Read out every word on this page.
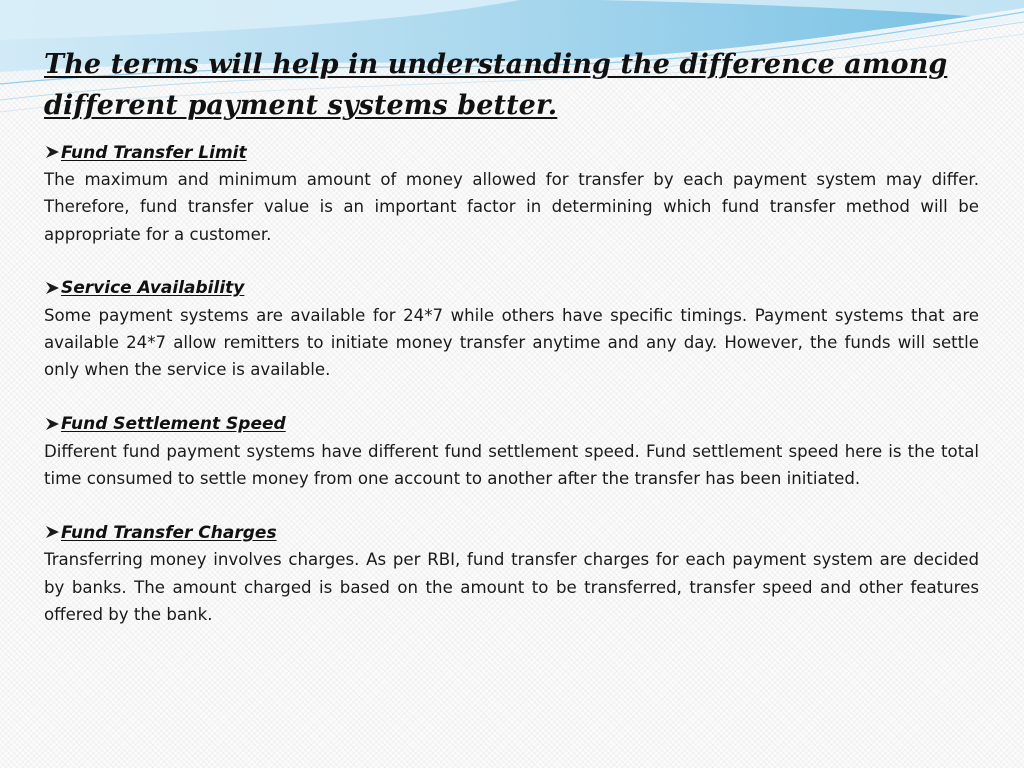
The terms will help in understanding the difference among different payment systems better.
Fund Transfer Limit

The maximum and minimum amount of money allowed for transfer by each payment system may differ. Therefore, fund transfer value is an important factor in determining which fund transfer method will be appropriate for a customer.

Service Availability

Some payment systems are available for 24*7 while others have specific timings. Payment systems that are available 24*7 allow remitters to initiate money transfer anytime and any day. However, the funds will settle only when the service is available.

Fund Settlement Speed

Different fund payment systems have different fund settlement speed. Fund settlement speed here is the total time consumed to settle money from one account to another after the transfer has been initiated.

Fund Transfer Charges

Transferring money involves charges. As per RBI, fund transfer charges for each payment system are decided by banks. The amount charged is based on the amount to be transferred, transfer speed and other features offered by the bank.
